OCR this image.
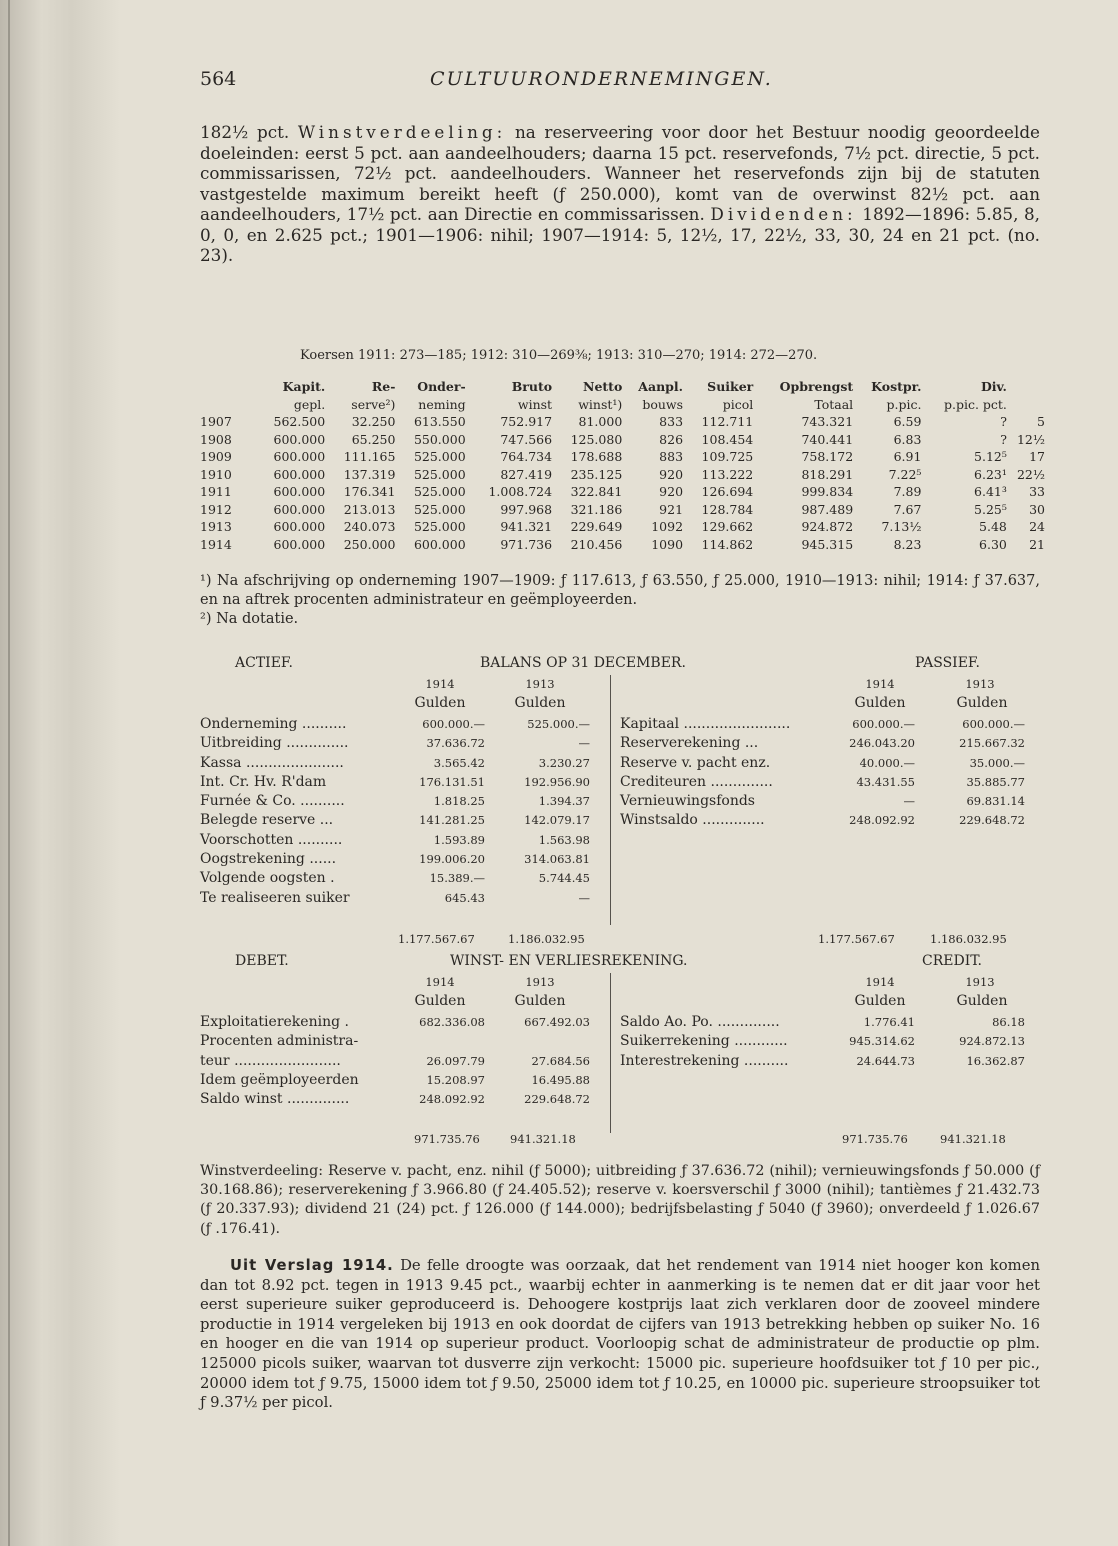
564	CULTUURONDERNEMINGEN.

182½ pct. Winstverdeeling: na reserveering voor door het Bestuur noodig geoordeelde doeleinden: eerst 5 pct. aan aandeelhouders; daarna 15 pct. reservefonds, 7½ pct. directie, 5 pct. commissarissen, 72½ pct. aandeelhouders. Wanneer het reservefonds zijn bij de statuten vastgestelde maximum bereikt heeft (ƒ 250.000), komt van de overwinst 82½ pct. aan aandeelhouders, 17½ pct. aan Directie en commissarissen. Dividenden: 1892—1896: 5.85, 8, 0, 0, en 2.625 pct.; 1901—1906: nihil; 1907—1914: 5, 12½, 17, 22½, 33, 30, 24 en 21 pct. (no. 23).

Koersen 1911: 273—185; 1912: 310—269⅜; 1913: 310—270; 1914: 272—270.
	Kapit.	Re-	Onder-	Bruto	Netto	Aanpl.	Suiker	Opbrengst	Kostpr.	Div.	
	gepl.	serve²)	neming	winst	winst¹)	bouws	picol	Totaal	p.pic.	p.pic. pct.	
1907	562.500	32.250	613.550	752.917	81.000	833	112.711	743.321	6.59	?	5
1908	600.000	65.250	550.000	747.566	125.080	826	108.454	740.441	6.83	?	12½
1909	600.000	111.165	525.000	764.734	178.688	883	109.725	758.172	6.91	5.12⁵	17
1910	600.000	137.319	525.000	827.419	235.125	920	113.222	818.291	7.22⁵	6.23¹	22½
1911	600.000	176.341	525.000	1.008.724	322.841	920	126.694	999.834	7.89	6.41³	33
1912	600.000	213.013	525.000	997.968	321.186	921	128.784	987.489	7.67	5.25⁵	30
1913	600.000	240.073	525.000	941.321	229.649	1092	129.662	924.872	7.13½	5.48	24
1914	600.000	250.000	600.000	971.736	210.456	1090	114.862	945.315	8.23	6.30	21

¹) Na afschrijving op onderneming 1907—1909: ƒ 117.613, ƒ 63.550, ƒ 25.000, 1910—1913: nihil; 1914: ƒ 37.637, en na aftrek procenten administrateur en geëmployeerden.

²) Na dotatie.

ACTIEF.	BALANS OP 31 DECEMBER.	PASSIEF.
1914	1913	1914	1913
Gulden	Gulden	Gulden	Gulden
Onderneming ..........	600.000.—	525.000.—
Uitbreiding ..............	37.636.72	—
Kassa ......................	3.565.42	3.230.27
Int. Cr. Hv. R'dam	176.131.51	192.956.90
Furnée & Co. ..........	1.818.25	1.394.37
Belegde reserve ...	141.281.25	142.079.17
Voorschotten ..........	1.593.89	1.563.98
Oogstrekening ......	199.006.20	314.063.81
Volgende oogsten .	15.389.—	5.744.45
Te realiseeren suiker	645.43	—
Kapitaal ........................	600.000.—	600.000.—
Reserverekening ...	246.043.20	215.667.32
Reserve v. pacht enz.	40.000.—	35.000.—
Crediteuren ..............	43.431.55	35.885.77
Vernieuwingsfonds	—	69.831.14
Winstsaldo ..............	248.092.92	229.648.72
1.177.567.67	1.186.032.95	1.177.567.67	1.186.032.95
DEBET.	WINST- EN VERLIESREKENING.	CREDIT.
1914	1913	1914	1913
Gulden	Gulden	Gulden	Gulden
Exploitatierekening .	682.336.08	667.492.03
Procenten administra-
teur ........................	26.097.79	27.684.56
Idem geëmployeerden	15.208.97	16.495.88
Saldo winst ..............	248.092.92	229.648.72
Saldo Ao. Po. ..............	1.776.41	86.18
Suikerrekening ............	945.314.62	924.872.13
Interestrekening ..........	24.644.73	16.362.87
971.735.76	941.321.18	971.735.76	941.321.18

Winstverdeeling: Reserve v. pacht, enz. nihil (ƒ 5000); uitbreiding ƒ 37.636.72 (nihil); vernieuwingsfonds ƒ 50.000 (ƒ 30.168.86); reserverekening ƒ 3.966.80 (ƒ 24.405.52); reserve v. koersverschil ƒ 3000 (nihil); tantièmes ƒ 21.432.73 (ƒ 20.337.93); dividend 21 (24) pct. ƒ 126.000 (ƒ 144.000); bedrijfsbelasting ƒ 5040 (ƒ 3960); onverdeeld ƒ 1.026.67 (ƒ .176.41).

Uit Verslag 1914. De felle droogte was oorzaak, dat het rendement van 1914 niet hooger kon komen dan tot 8.92 pct. tegen in 1913 9.45 pct., waarbij echter in aanmerking is te nemen dat er dit jaar voor het eerst superieure suiker geproduceerd is. Dehoogere kostprijs laat zich verklaren door de zooveel mindere productie in 1914 vergeleken bij 1913 en ook doordat de cijfers van 1913 betrekking hebben op suiker No. 16 en hooger en die van 1914 op superieur product. Voorloopig schat de administrateur de productie op plm. 125000 picols suiker, waarvan tot dusverre zijn verkocht: 15000 pic. superieure hoofdsuiker tot ƒ 10 per pic., 20000 idem tot ƒ 9.75, 15000 idem tot ƒ 9.50, 25000 idem tot ƒ 10.25, en 10000 pic. superieure stroopsuiker tot ƒ 9.37½ per picol.
